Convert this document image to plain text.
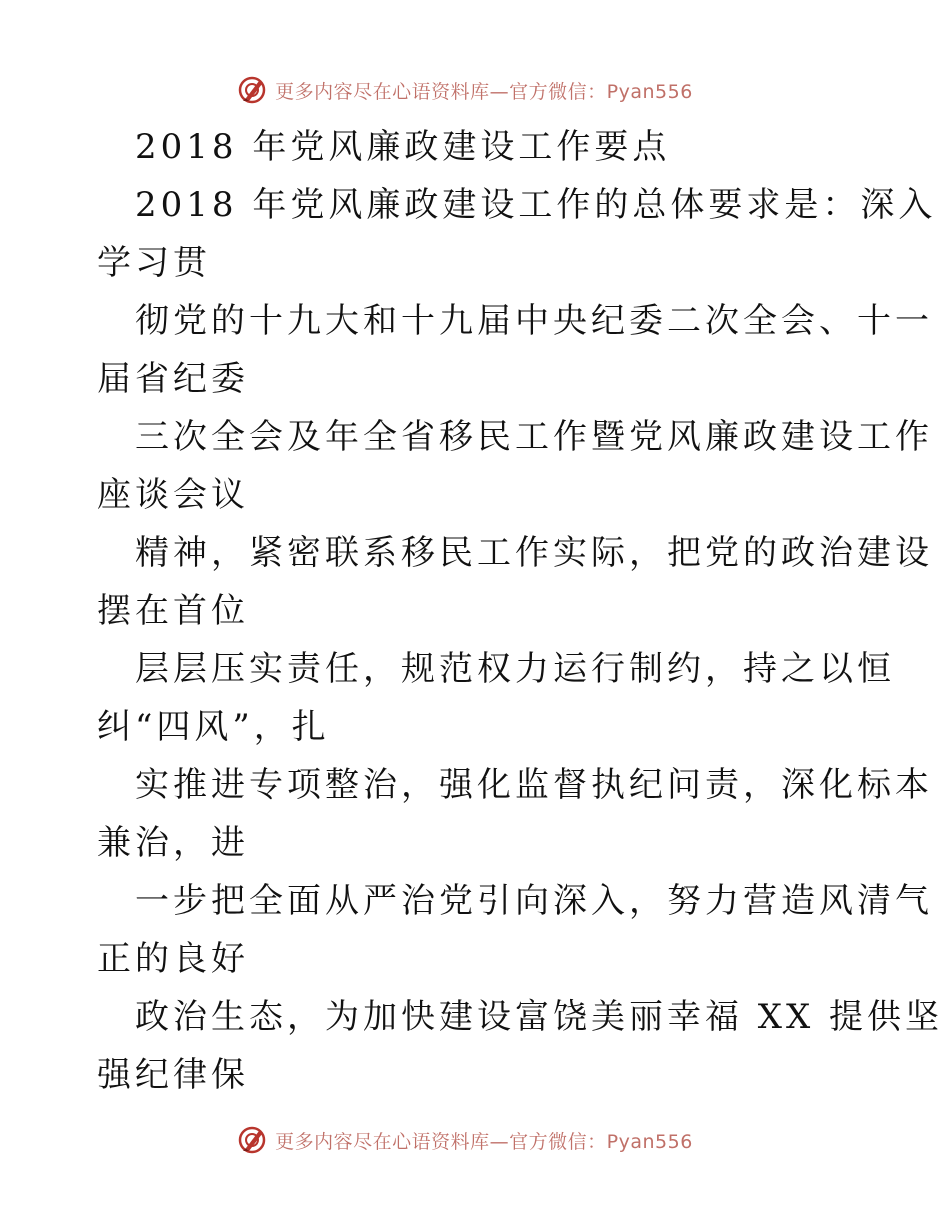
更多内容尽在心语资料库—官方微信：Pyan556
2018 年党风廉政建设工作要点
2018 年党风廉政建设工作的总体要求是：深入
学习贯
彻党的十九大和十九届中央纪委二次全会、十一
届省纪委
三次全会及年全省移民工作暨党风廉政建设工作
座谈会议
精神，紧密联系移民工作实际，把党的政治建设
摆在首位
层层压实责任，规范权力运行制约，持之以恒
纠“四风”，扎
实推进专项整治，强化监督执纪问责，深化标本
兼治，进
一步把全面从严治党引向深入，努力营造风清气
正的良好
政治生态，为加快建设富饶美丽幸福 XX 提供坚
强纪律保
更多内容尽在心语资料库—官方微信：Pyan556
